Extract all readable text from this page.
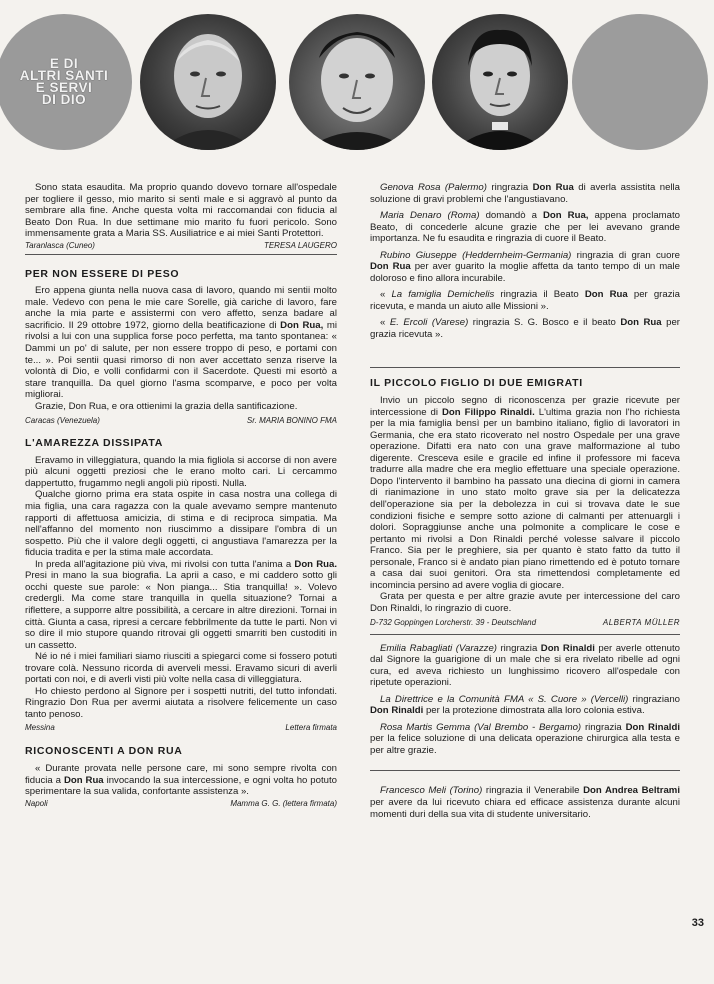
E DI
ALTRI SANTI
E SERVI
DI DIO

Sono stata esaudita. Ma proprio quando dovevo tornare all'ospedale per togliere il gesso, mio marito si sentì male e si aggravò al punto da sembrare alla fine. Anche questa volta mi raccomandai con fiducia al Beato Don Rua. In due settimane mio marito fu fuori pericolo. Sono immensamente grata a Maria SS. Ausiliatrice e ai miei Santi Protettori.

Taranlasca (Cuneo)	TERESA LAUGERO
PER NON ESSERE DI PESO

Ero appena giunta nella nuova casa di lavoro, quando mi sentii molto male. Vedevo con pena le mie care Sorelle, già cariche di lavoro, fare anche la mia parte e assistermi con vero affetto, senza badare al sacrificio. Il 29 ottobre 1972, giorno della beatificazione di Don Rua, mi rivolsi a lui con una supplica forse poco perfetta, ma tanto spontanea: « Dammi un po' di salute, per non essere troppo di peso, e portami con te... ». Poi sentii quasi rimorso di non aver accettato senza riserve la volontà di Dio, e volli confidarmi con il Sacerdote. Questi mi esortò a stare tranquilla. Da quel giorno l'asma scomparve, e poco per volta migliorai.

Grazie, Don Rua, e ora ottienimi la grazia della santificazione.

Caracas (Venezuela)	Sr. MARIA BONINO FMA
L'AMAREZZA DISSIPATA

Eravamo in villeggiatura, quando la mia figliola si accorse di non avere più alcuni oggetti preziosi che le erano molto cari. Li cercammo dappertutto, frugammo negli angoli più riposti. Nulla.

Qualche giorno prima era stata ospite in casa nostra una collega di mia figlia, una cara ragazza con la quale avevamo sempre mantenuto rapporti di affettuosa amicizia, di stima e di reciproca simpatia. Ma nell'affanno del momento non riuscimmo a dissipare l'ombra di un sospetto. Più che il valore degli oggetti, ci angustiava l'amarezza per la fiducia tradita e per la stima male accordata.

In preda all'agitazione più viva, mi rivolsi con tutta l'anima a Don Rua. Presi in mano la sua biografia. La aprii a caso, e mi caddero sotto gli occhi queste sue parole: « Non pianga... Stia tranquilla! ». Volevo credergli. Ma come stare tranquilla in quella situazione? Tornai a riflettere, a supporre altre possibilità, a cercare in altre direzioni. Tornai in città. Giunta a casa, ripresi a cercare febbrilmente da tutte le parti. Non vi so dire il mio stupore quando ritrovai gli oggetti smarriti ben custoditi in un cassetto.

Né io né i miei familiari siamo riusciti a spiegarci come si fossero potuti trovare colà. Nessuno ricorda di averveli messi. Eravamo sicuri di averli portati con noi, e di averli visti più volte nella casa di villeggiatura.

Ho chiesto perdono al Signore per i sospetti nutriti, del tutto infondati. Ringrazio Don Rua per avermi aiutata a risolvere felicemente un caso tanto penoso.

Messina	Lettera firmata
RICONOSCENTI A DON RUA

« Durante provata nelle persone care, mi sono sempre rivolta con fiducia a Don Rua invocando la sua intercessione, e ogni volta ho potuto sperimentare la sua valida, confortante assistenza ».

Napoli	Mamma G. G. (lettera firmata)

Genova Rosa (Palermo) ringrazia Don Rua di averla assistita nella soluzione di gravi problemi che l'angustiavano.

Maria Denaro (Roma) domandò a Don Rua, appena proclamato Beato, di concederle alcune grazie che per lei avevano grande importanza. Ne fu esaudita e ringrazia di cuore il Beato.

Rubino Giuseppe (Heddernheim-Germania) ringrazia di gran cuore Don Rua per aver guarito la moglie affetta da tanto tempo di un male doloroso e fino allora incurabile.

« La famiglia Demichelis ringrazia il Beato Don Rua per grazia ricevuta, e manda un aiuto alle Missioni ».

« E. Ercoli (Varese) ringrazia S. G. Bosco e il beato Don Rua per grazia ricevuta ».

IL PICCOLO FIGLIO DI DUE EMIGRATI

Invio un piccolo segno di riconoscenza per grazie ricevute per intercessione di Don Filippo Rinaldi. L'ultima grazia non l'ho richiesta per la mia famiglia bensì per un bambino italiano, figlio di lavoratori in Germania, che era stato ricoverato nel nostro Ospedale per una grave operazione. Difatti era nato con una grave malformazione al tubo digerente. Cresceva esile e gracile ed infine il professore mi faceva tradurre alla madre che era meglio effettuare una speciale operazione. Dopo l'intervento il bambino ha passato una diecina di giorni in camera di rianimazione in uno stato molto grave sia per la delicatezza dell'operazione sia per la debolezza in cui si trovava date le sue condizioni fisiche e sempre sotto azione di calmanti per attenuargli i dolori. Sopraggiunse anche una polmonite a complicare le cose e pertanto mi rivolsi a Don Rinaldi perché volesse salvare il piccolo Franco. Sia per le preghiere, sia per quanto è stato fatto da tutto il personale, Franco si è andato pian piano rimettendo ed è potuto tornare a casa dai suoi genitori. Ora sta rimettendosi completamente ed incomincia persino ad avere voglia di giocare.

Grata per questa e per altre grazie avute per intercessione del caro Don Rinaldi, lo ringrazio di cuore.

D-732 Goppingen Lorcherstr. 39 - Deutschland	ALBERTA MÜLLER

Emilia Rabagliati (Varazze) ringrazia Don Rinaldi per averle ottenuto dal Signore la guarigione di un male che si era rivelato ribelle ad ogni cura, ed aveva richiesto un lunghissimo ricovero all'ospedale con ripetute operazioni.

La Direttrice e la Comunità FMA « S. Cuore » (Vercelli) ringraziano Don Rinaldi per la protezione dimostrata alla loro colonia estiva.

Rosa Martis Gemma (Val Brembo - Bergamo) ringrazia Don Rinaldi per la felice soluzione di una delicata operazione chirurgica alla testa e per altre grazie.

Francesco Meli (Torino) ringrazia il Venerabile Don Andrea Beltrami per avere da lui ricevuto chiara ed efficace assistenza durante alcuni momenti duri della sua vita di studente universitario.

33
